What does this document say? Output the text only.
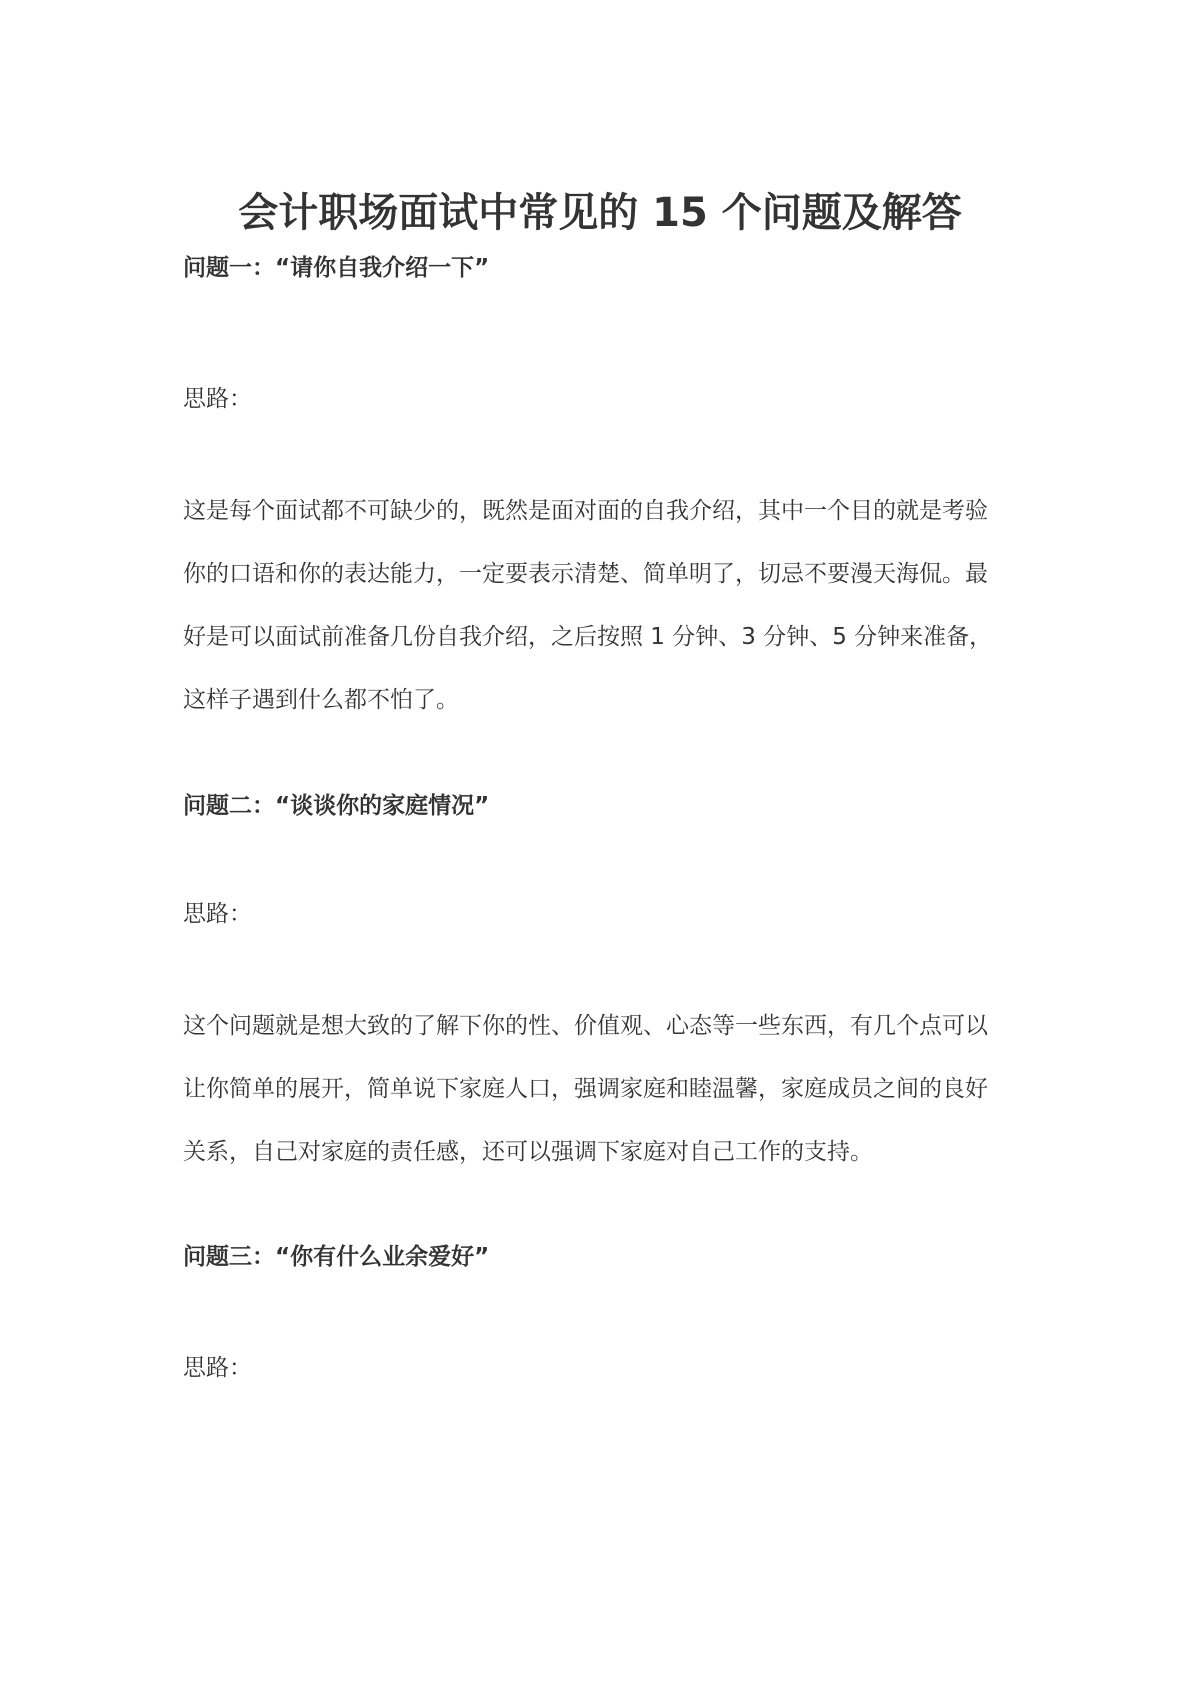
会计职场面试中常见的 15 个问题及解答
问题一：“请你自我介绍一下”
思路：
这是每个面试都不可缺少的，既然是面对面的自我介绍，其中一个目的就是考验
你的口语和你的表达能力，一定要表示清楚、简单明了，切忌不要漫天海侃。最
好是可以面试前准备几份自我介绍，之后按照 1 分钟、3 分钟、5 分钟来准备，
这样子遇到什么都不怕了。
问题二：“谈谈你的家庭情况”
思路：
这个问题就是想大致的了解下你的性、价值观、心态等一些东西，有几个点可以
让你简单的展开，简单说下家庭人口，强调家庭和睦温馨，家庭成员之间的良好
关系，自己对家庭的责任感，还可以强调下家庭对自己工作的支持。
问题三：“你有什么业余爱好”
思路：
